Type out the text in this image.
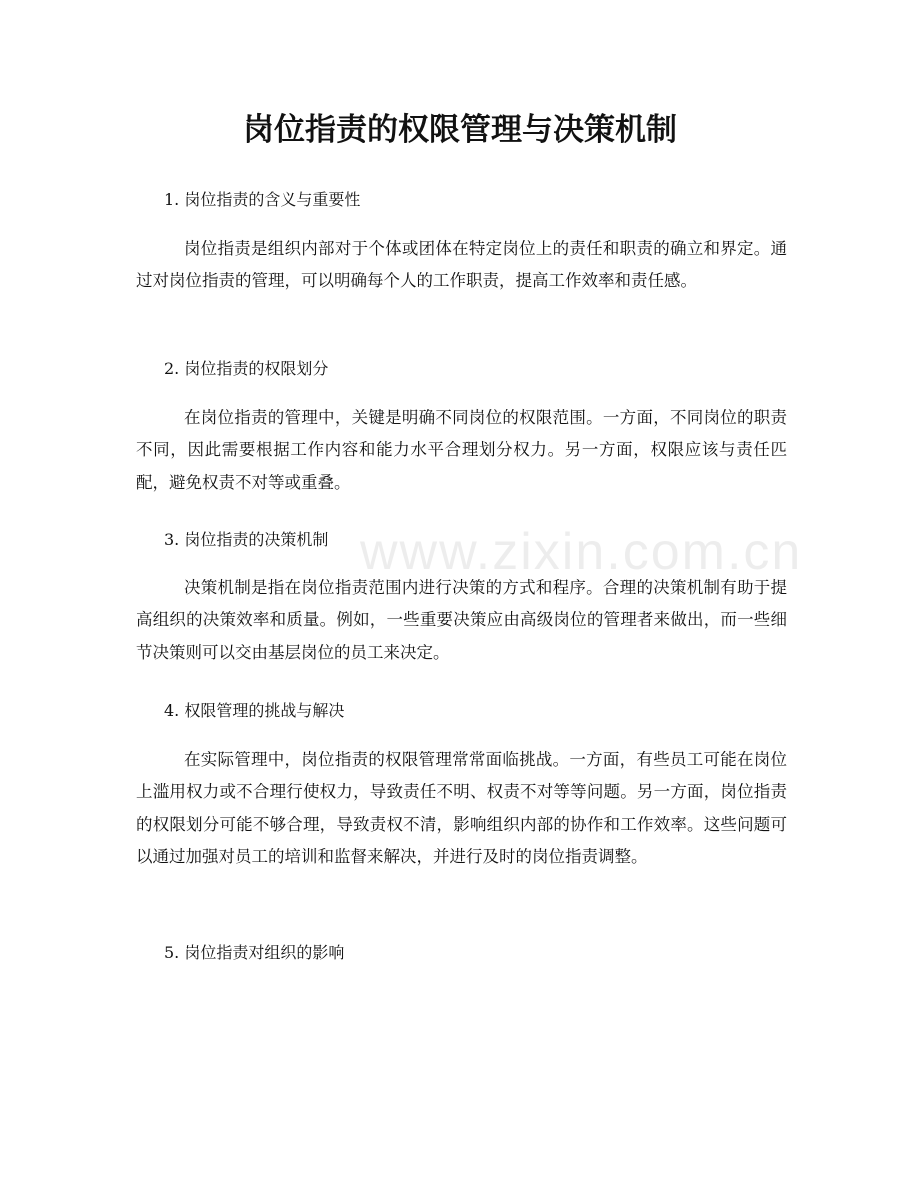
www.zixin.com.cn
岗位指责的权限管理与决策机制

1. 岗位指责的含义与重要性

岗位指责是组织内部对于个体或团体在特定岗位上的责任和职责的确立和界定。通过对岗位指责的管理，可以明确每个人的工作职责，提高工作效率和责任感。

2. 岗位指责的权限划分

在岗位指责的管理中，关键是明确不同岗位的权限范围。一方面，不同岗位的职责不同，因此需要根据工作内容和能力水平合理划分权力。另一方面，权限应该与责任匹配，避免权责不对等或重叠。

3. 岗位指责的决策机制

决策机制是指在岗位指责范围内进行决策的方式和程序。合理的决策机制有助于提高组织的决策效率和质量。例如，一些重要决策应由高级岗位的管理者来做出，而一些细节决策则可以交由基层岗位的员工来决定。

4. 权限管理的挑战与解决

在实际管理中，岗位指责的权限管理常常面临挑战。一方面，有些员工可能在岗位上滥用权力或不合理行使权力，导致责任不明、权责不对等等问题。另一方面，岗位指责的权限划分可能不够合理，导致责权不清，影响组织内部的协作和工作效率。这些问题可以通过加强对员工的培训和监督来解决，并进行及时的岗位指责调整。

5. 岗位指责对组织的影响
